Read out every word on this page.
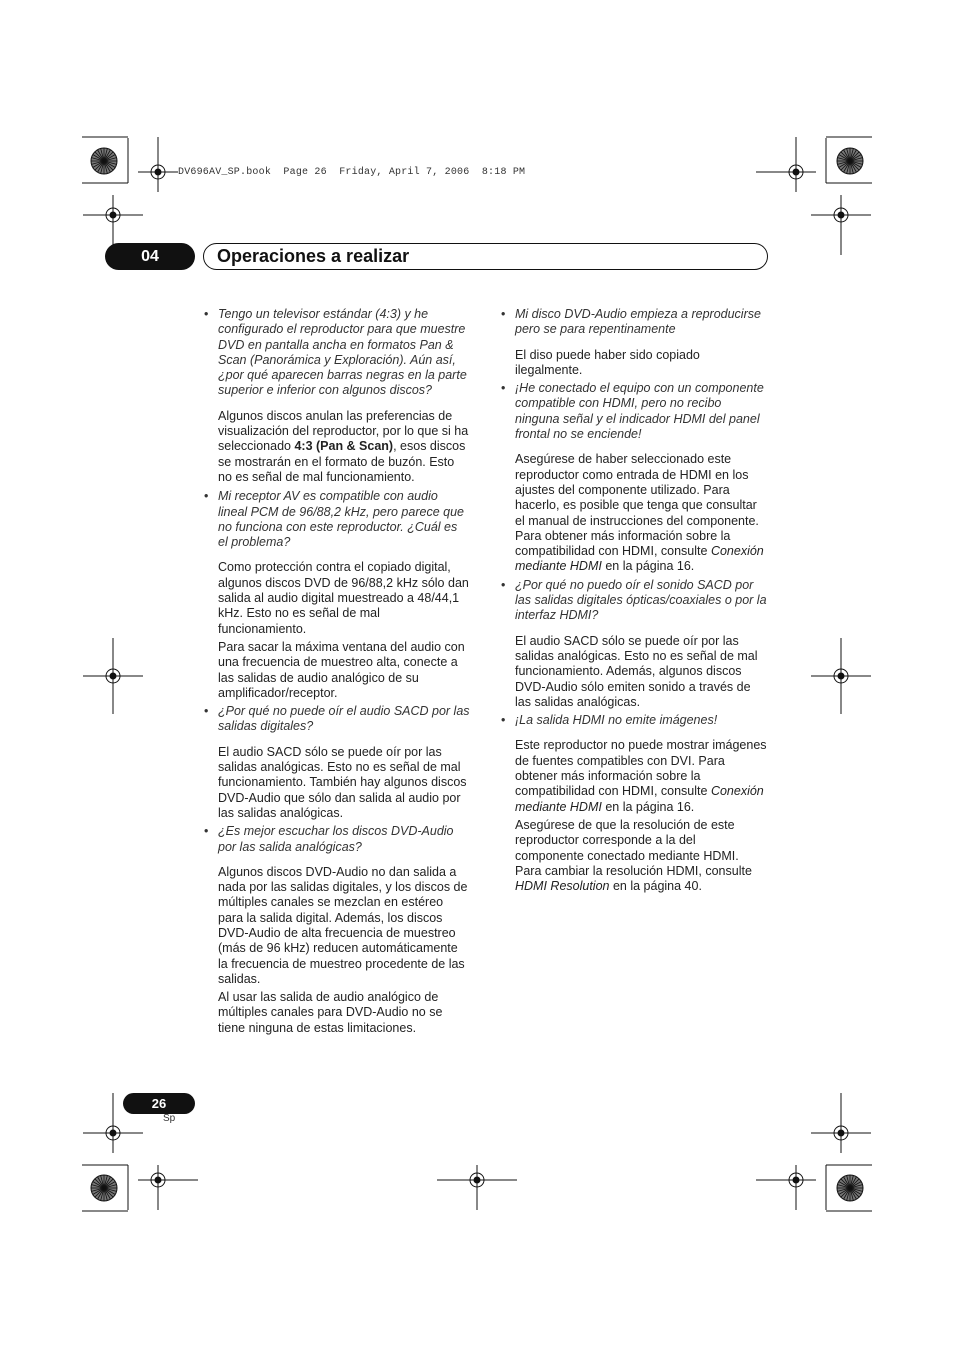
DV696AV_SP.book  Page 26  Friday, April 7, 2006  8:18 PM
04	Operaciones a realizar
• Tengo un televisor estándar (4:3) y he configurado el reproductor para que muestre DVD en pantalla ancha en formatos Pan & Scan (Panorámica y Exploración). Aún así, ¿por qué aparecen barras negras en la parte superior e inferior con algunos discos?
Algunos discos anulan las preferencias de visualización del reproductor, por lo que si ha seleccionado 4:3 (Pan & Scan), esos discos se mostrarán en el formato de buzón. Esto no es señal de mal funcionamiento.
• Mi receptor AV es compatible con audio lineal PCM de 96/88,2 kHz, pero parece que no funciona con este reproductor. ¿Cuál es el problema?
Como protección contra el copiado digital, algunos discos DVD de 96/88,2 kHz sólo dan salida al audio digital muestreado a 48/44,1 kHz. Esto no es señal de mal funcionamiento.
Para sacar la máxima ventana del audio con una frecuencia de muestreo alta, conecte a las salidas de audio analógico de su amplificador/receptor.
• ¿Por qué no puede oír el audio SACD por las salidas digitales?
El audio SACD sólo se puede oír por las salidas analógicas. Esto no es señal de mal funcionamiento. También hay algunos discos DVD-Audio que sólo dan salida al audio por las salidas analógicas.
• ¿Es mejor escuchar los discos DVD-Audio por las salida analógicas?
Algunos discos DVD-Audio no dan salida a nada por las salidas digitales, y los discos de múltiples canales se mezclan en estéreo para la salida digital. Además, los discos DVD-Audio de alta frecuencia de muestreo (más de 96 kHz) reducen automáticamente la frecuencia de muestreo procedente de las salidas.
Al usar las salida de audio analógico de múltiples canales para DVD-Audio no se tiene ninguna de estas limitaciones.
• Mi disco DVD-Audio empieza a reproducirse pero se para repentinamente
El diso puede haber sido copiado ilegalmente.
• ¡He conectado el equipo con un componente compatible con HDMI, pero no recibo ninguna señal y el indicador HDMI del panel frontal no se enciende!
Asegúrese de haber seleccionado este reproductor como entrada de HDMI en los ajustes del componente utilizado. Para hacerlo, es posible que tenga que consultar el manual de instrucciones del componente. Para obtener más información sobre la compatibilidad con HDMI, consulte Conexión mediante HDMI en la página 16.
• ¿Por qué no puedo oír el sonido SACD por las salidas digitales ópticas/coaxiales o por la interfaz HDMI?
El audio SACD sólo se puede oír por las salidas analógicas. Esto no es señal de mal funcionamiento. Además, algunos discos DVD-Audio sólo emiten sonido a través de las salidas analógicas.
• ¡La salida HDMI no emite imágenes!
Este reproductor no puede mostrar imágenes de fuentes compatibles con DVI. Para obtener más información sobre la compatibilidad con HDMI, consulte Conexión mediante HDMI en la página 16.
Asegúrese de que la resolución de este reproductor corresponde a la del componente conectado mediante HDMI. Para cambiar la resolución HDMI, consulte HDMI Resolution en la página 40.
26
Sp
